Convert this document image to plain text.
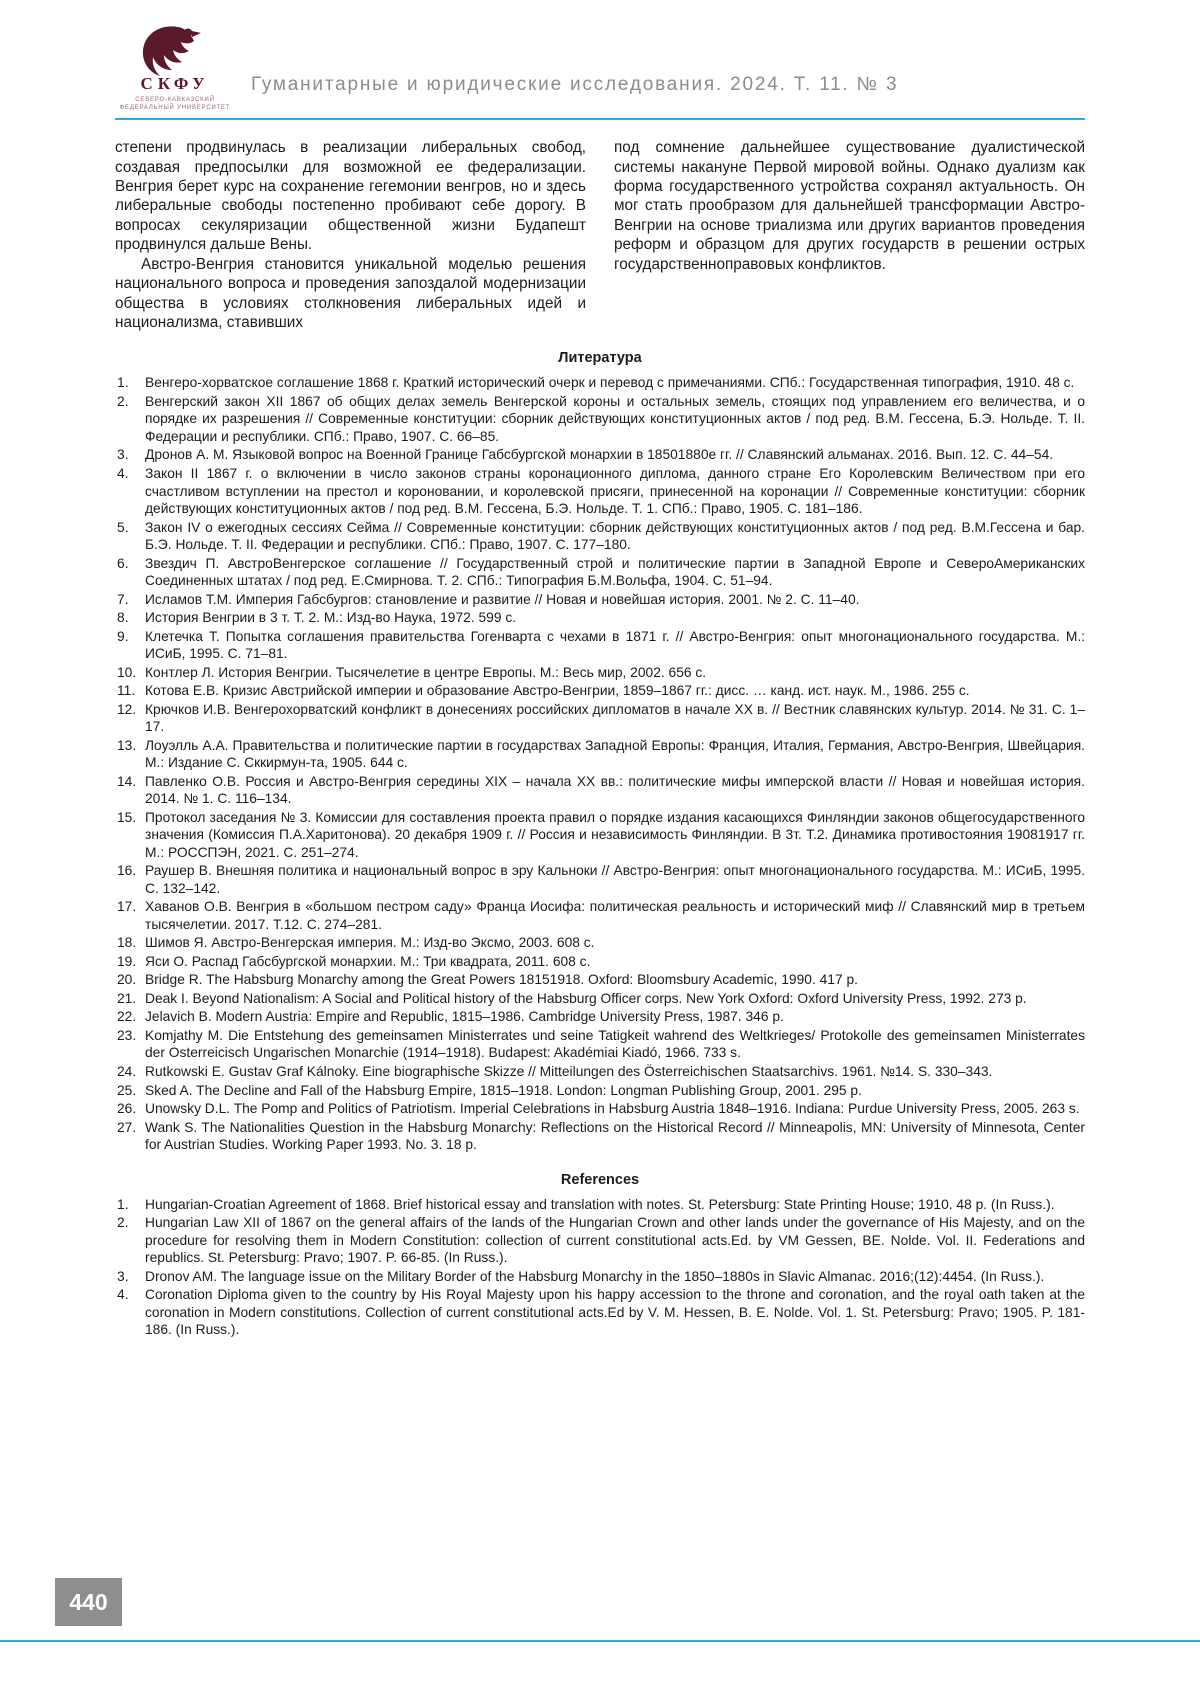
СКФУ
СЕВЕРО-КАВКАЗСКИЙ
ФЕДЕРАЛЬНЫЙ УНИВЕРСИТЕТ
Гуманитарные и юридические исследования. 2024. Т. 11. № 3

степени продвинулась в реализации либеральных свобод, создавая предпосылки для возможной ее федерализации. Венгрия берет курс на сохранение гегемонии венгров, но и здесь либеральные свободы постепенно пробивают себе дорогу. В вопросах секуляризации общественной жизни Будапешт продвинулся дальше Вены.

Австро-Венгрия становится уникальной моделью решения национального вопроса и проведения запоздалой модернизации общества в условиях столкновения либеральных идей и национализма, ставивших

под сомнение дальнейшее существование дуалистической системы накануне Первой мировой войны. Однако дуализм как форма государственного устройства сохранял актуальность. Он мог стать прообразом для дальнейшей трансформации Австро-Венгрии на основе триализма или других вариантов проведения реформ и образцом для других государств в решении острых государственноправовых конфликтов.

Литература
Венгеро-хорватское соглашение 1868 г. Краткий исторический очерк и перевод с примечаниями. СПб.: Государственная типография, 1910. 48 с.
Венгерский закон XII 1867 об общих делах земель Венгерской короны и остальных земель, стоящих под управлением его величества, и о порядке их разрешения // Современные конституции: сборник действующих конституционных актов / под ред. В.М. Гессена, Б.Э. Нольде. Т. II. Федерации и республики. СПб.: Право, 1907. С. 66–85.
Дронов А. М. Языковой вопрос на Военной Границе Габсбургской монархии в 18501880е гг. // Славянский альманах. 2016. Вып. 12. С. 44–54.
Закон II 1867 г. о включении в число законов страны коронационного диплома, данного стране Его Королевским Величеством при его счастливом вступлении на престол и короновании, и королевской присяги, принесенной на коронации // Современные конституции: сборник действующих конституционных актов / под ред. В.М. Гессена, Б.Э. Нольде. Т. 1. СПб.: Право, 1905. С. 181–186.
Закон IV о ежегодных сессиях Сейма // Современные конституции: сборник действующих конституционных актов / под ред. В.М.Гессена и бар. Б.Э. Нольде. Т. II. Федерации и республики. СПб.: Право, 1907. С. 177–180.
Звездич П. АвстроВенгерское соглашение // Государственный строй и политические партии в Западной Европе и СевероАмериканских Соединенных штатах / под ред. Е.Смирнова. Т. 2. СПб.: Типография Б.М.Вольфа, 1904. С. 51–94.
Исламов Т.М. Империя Габсбургов: становление и развитие // Новая и новейшая история. 2001. № 2. С. 11–40.
История Венгрии в 3 т. Т. 2. М.: Изд-во Наука, 1972. 599 с.
Клетечка Т. Попытка соглашения правительства Гогенварта с чехами в 1871 г. // Австро-Венгрия: опыт многонационального государства. М.: ИСиБ, 1995. С. 71–81.
Контлер Л. История Венгрии. Тысячелетие в центре Европы. М.: Весь мир, 2002. 656 с.
Котова Е.В. Кризис Австрийской империи и образование Австро-Венгрии, 1859–1867 гг.: дисс. … канд. ист. наук. М., 1986. 255 с.
Крючков И.В. Венгерохорватский конфликт в донесениях российских дипломатов в начале XX в. // Вестник славянских культур. 2014. № 31. С. 1–17.
Лоуэлль А.А. Правительства и политические партии в государствах Западной Европы: Франция, Италия, Германия, Австро-Венгрия, Швейцария. М.: Издание С. Сккирмун-та, 1905. 644 с.
Павленко О.В. Россия и Австро-Венгрия середины XIX – начала XX вв.: политические мифы имперской власти // Новая и новейшая история. 2014. № 1. С. 116–134.
Протокол заседания № 3. Комиссии для составления проекта правил о порядке издания касающихся Финляндии законов общегосударственного значения (Комиссия П.А.Харитонова). 20 декабря 1909 г. // Россия и независимость Финляндии. В 3т. Т.2. Динамика противостояния 19081917 гг. М.: РОССПЭН, 2021. С. 251–274.
Раушер В. Внешняя политика и национальный вопрос в эру Кальноки // Австро-Венгрия: опыт многонационального государства. М.: ИСиБ, 1995. С. 132–142.
Хаванов О.В. Венгрия в «большом пестром саду» Франца Иосифа: политическая реальность и исторический миф // Славянский мир в третьем тысячелетии. 2017. Т.12. С. 274–281.
Шимов Я. Австро-Венгерская империя. М.: Изд-во Эксмо, 2003. 608 с.
Яси О. Распад Габсбургской монархии. М.: Три квадрата, 2011. 608 с.
Bridge R. The Habsburg Monarchy among the Great Powers 18151918. Oxford: Bloomsbury Academic, 1990. 417 p.
Deak I. Beyond Nationalism: A Social and Political history of the Habsburg Officer corps. New York Oxford: Oxford University Press, 1992. 273 p.
Jelavich B. Modern Austria: Empire and Republic, 1815–1986. Cambridge University Press, 1987. 346 p.
Komjathy M. Die Entstehung des gemeinsamen Ministerrates und seine Tatigkeit wahrend des Weltkrieges/ Protokolle des gemeinsamen Ministerrates der Osterreicisch Ungarischen Monarchie (1914–1918). Budapest: Akadémiai Kiadó, 1966. 733 s.
Rutkowski E. Gustav Graf Kálnoky. Eine biographische Skizze // Mitteilungen des Österreichischen Staatsarchivs. 1961. №14. S. 330–343.
Sked A. The Decline and Fall of the Habsburg Empire, 1815–1918. London: Longman Publishing Group, 2001. 295 p.
Unowsky D.L. The Pomp and Politics of Patriotism. Imperial Celebrations in Habsburg Austria 1848–1916. Indiana: Purdue University Press, 2005. 263 s.
Wank S. The Nationalities Question in the Habsburg Monarchy: Reflections on the Historical Record // Minneapolis, MN: University of Minnesota, Center for Austrian Studies. Working Paper 1993. No. 3. 18 p.
References
Hungarian-Croatian Agreement of 1868. Brief historical essay and translation with notes. St. Petersburg: State Printing House; 1910. 48 p. (In Russ.).
Hungarian Law XII of 1867 on the general affairs of the lands of the Hungarian Crown and other lands under the governance of His Majesty, and on the procedure for resolving them in Modern Constitution: collection of current constitutional acts.Ed. by VM Gessen, BE. Nolde. Vol. II. Federations and republics. St. Petersburg: Pravo; 1907. P. 66-85. (In Russ.).
Dronov AM. The language issue on the Military Border of the Habsburg Monarchy in the 1850–1880s in Slavic Almanac. 2016;(12):4454. (In Russ.).
Coronation Diploma given to the country by His Royal Majesty upon his happy accession to the throne and coronation, and the royal oath taken at the coronation in Modern constitutions. Collection of current constitutional acts.Ed by V. M. Hessen, B. E. Nolde. Vol. 1. St. Petersburg: Pravo; 1905. P. 181-186. (In Russ.).
440
